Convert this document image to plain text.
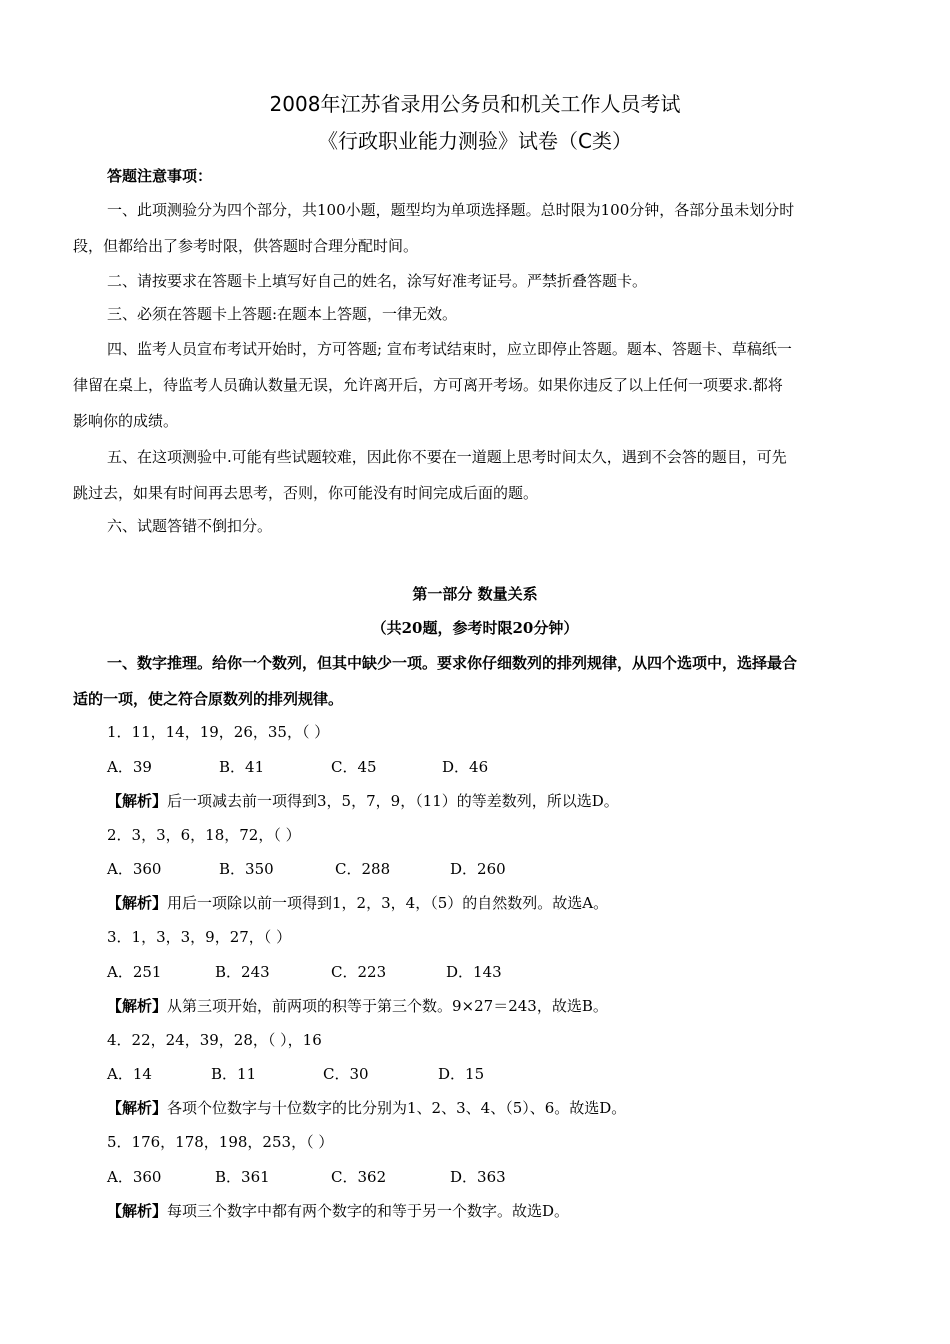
2008年江苏省录用公务员和机关工作人员考试
《行政职业能力测验》试卷（C类）
答题注意事项：
一、此项测验分为四个部分，共100小题，题型均为单项选择题。总时限为100分钟，各部分虽未划分时
段，但都给出了参考时限，供答题时合理分配时间。
二、请按要求在答题卡上填写好自己的姓名，涂写好准考证号。严禁折叠答题卡。
三、必须在答题卡上答题:在题本上答题，一律无效。
四、监考人员宣布考试开始时，方可答题; 宣布考试结束时，应立即停止答题。题本、答题卡、草稿纸一
律留在桌上，待监考人员确认数量无误，允许离开后，方可离开考场。如果你违反了以上任何一项要求.都将
影响你的成绩。
五、在这项测验中.可能有些试题较难，因此你不要在一道题上思考时间太久，遇到不会答的题目，可先
跳过去，如果有时间再去思考，否则，你可能没有时间完成后面的题。
六、试题答错不倒扣分。
第一部分 数量关系
（共20题，参考时限20分钟）
一、数字推理。给你一个数列，但其中缺少一项。要求你仔细数列的排列规律，从四个选项中，选择最合
适的一项，使之符合原数列的排列规律。
1．11，14，19，26，35，（ ）
A．39	B．41	C．45	D．46
【解析】后一项减去前一项得到3，5，7，9，（11）的等差数列，所以选D。
2．3，3，6，18，72，（ ）
A．360	B．350	C．288	D．260
【解析】用后一项除以前一项得到1，2，3，4，（5）的自然数列。故选A。
3．1，3，3，9，27，（ ）
A．251	B．243	C．223	D．143
【解析】从第三项开始，前两项的积等于第三个数。9×27＝243，故选B。
4．22，24，39，28，（ ），16
A．14	B．11	C．30	D．15
【解析】各项个位数字与十位数字的比分别为1、2、3、4、（5）、6。故选D。
5．176，178，198，253，（ ）
A．360	B．361	C．362	D．363
【解析】每项三个数字中都有两个数字的和等于另一个数字。故选D。
